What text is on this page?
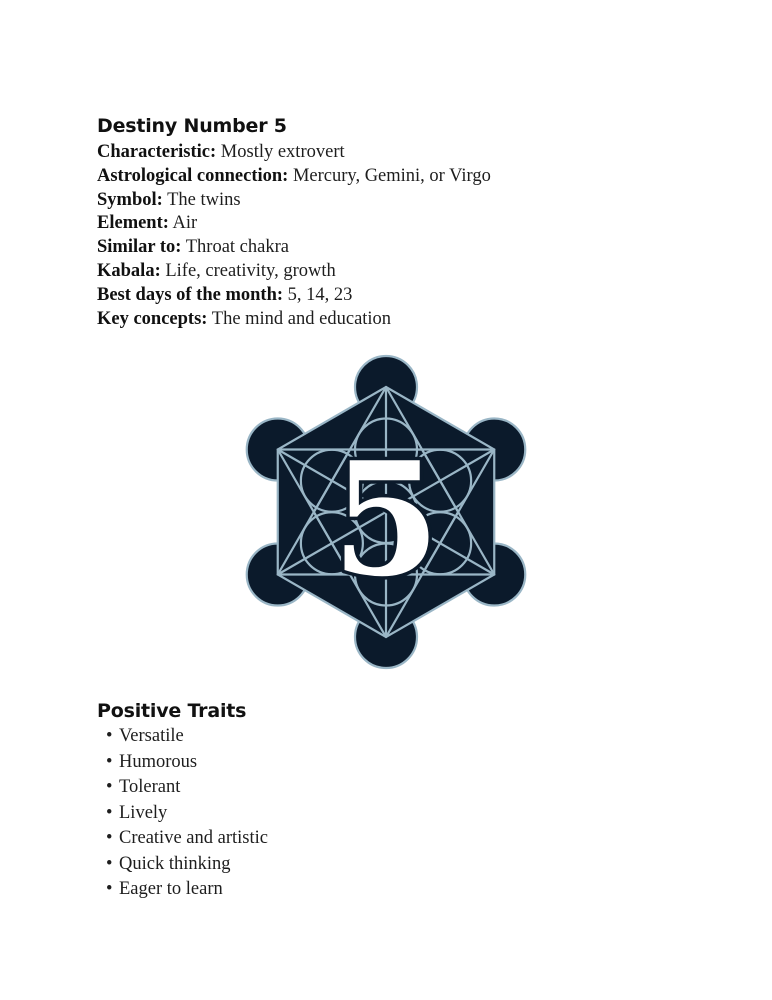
Destiny Number 5
Characteristic: Mostly extrovert
Astrological connection: Mercury, Gemini, or Virgo
Symbol: The twins
Element: Air
Similar to: Throat chakra
Kabala: Life, creativity, growth
Best days of the month: 5, 14, 23
Key concepts: The mind and education
5
Positive Traits
• Versatile
• Humorous
• Tolerant
• Lively
• Creative and artistic
• Quick thinking
• Eager to learn
